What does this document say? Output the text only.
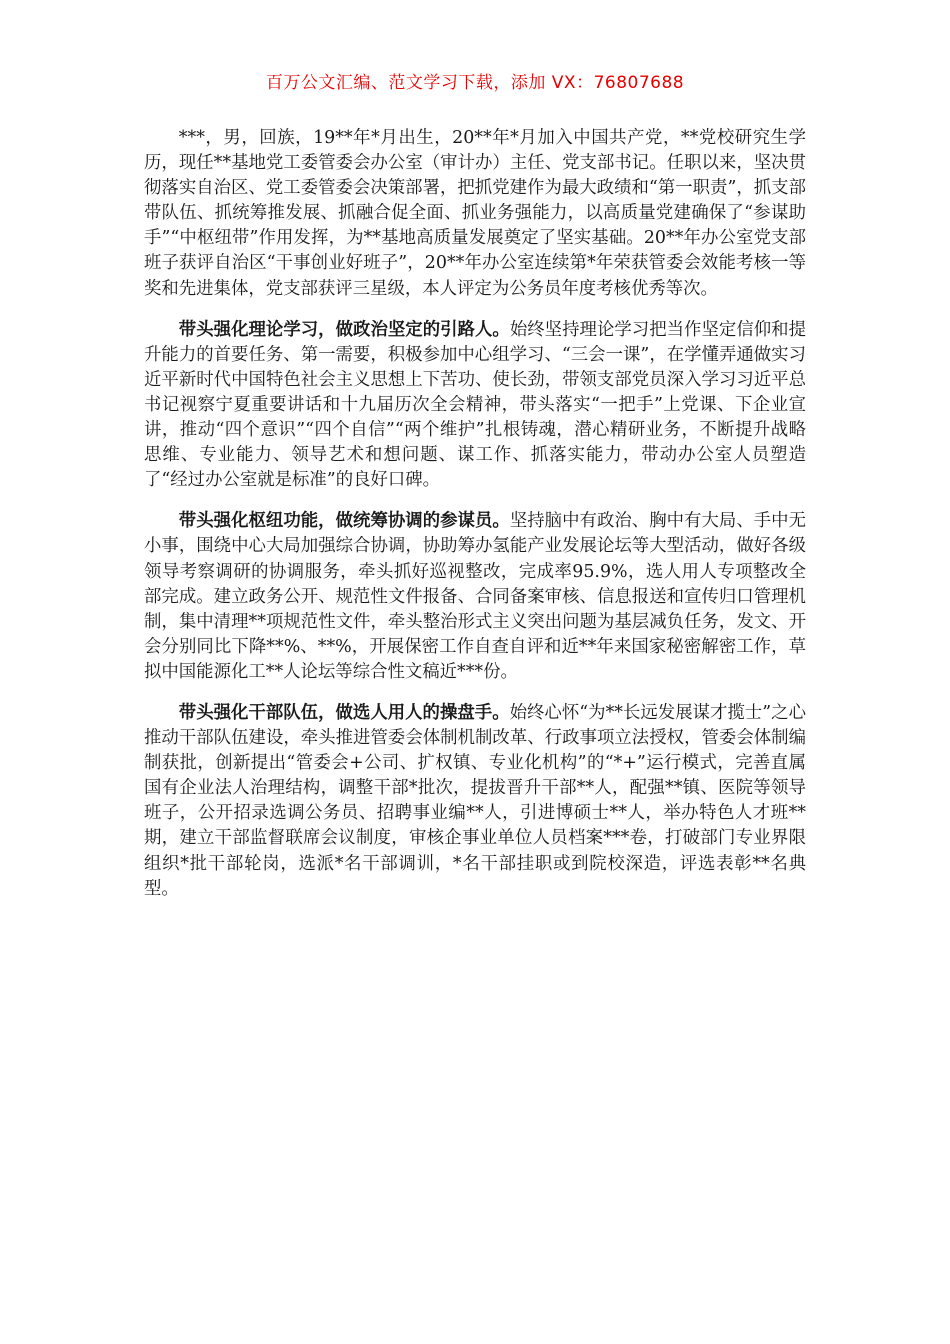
百万公文汇编、范文学习下载，添加 VX：76807688

***，男，回族，19**年*月出生，20**年*月加入中国共产党，**党校研究生学历，现任**基地党工委管委会办公室（审计办）主任、党支部书记。任职以来，坚决贯彻落实自治区、党工委管委会决策部署，把抓党建作为最大政绩和“第一职责”，抓支部带队伍、抓统筹推发展、抓融合促全面、抓业务强能力，以高质量党建确保了“参谋助手”“中枢纽带”作用发挥，为**基地高质量发展奠定了坚实基础。20**年办公室党支部班子获评自治区“干事创业好班子”，20**年办公室连续第*年荣获管委会效能考核一等奖和先进集体，党支部获评三星级，本人评定为公务员年度考核优秀等次。

带头强化理论学习，做政治坚定的引路人。始终坚持理论学习把当作坚定信仰和提升能力的首要任务、第一需要，积极参加中心组学习、“三会一课”，在学懂弄通做实习近平新时代中国特色社会主义思想上下苦功、使长劲，带领支部党员深入学习习近平总书记视察宁夏重要讲话和十九届历次全会精神，带头落实“一把手”上党课、下企业宣讲，推动“四个意识”“四个自信”“两个维护”扎根铸魂，潜心精研业务，不断提升战略思维、专业能力、领导艺术和想问题、谋工作、抓落实能力，带动办公室人员塑造了“经过办公室就是标准”的良好口碑。

带头强化枢纽功能，做统筹协调的参谋员。坚持脑中有政治、胸中有大局、手中无小事，围绕中心大局加强综合协调，协助筹办氢能产业发展论坛等大型活动，做好各级领导考察调研的协调服务，牵头抓好巡视整改，完成率95.9%，选人用人专项整改全部完成。建立政务公开、规范性文件报备、合同备案审核、信息报送和宣传归口管理机制，集中清理**项规范性文件，牵头整治形式主义突出问题为基层减负任务，发文、开会分别同比下降**%、**%，开展保密工作自查自评和近**年来国家秘密解密工作，草拟中国能源化工**人论坛等综合性文稿近***份。

带头强化干部队伍，做选人用人的操盘手。始终心怀“为**长远发展谋才揽士”之心推动干部队伍建设，牵头推进管委会体制机制改革、行政事项立法授权，管委会体制编制获批，创新提出“管委会+公司、扩权镇、专业化机构”的“*+”运行模式，完善直属国有企业法人治理结构，调整干部*批次，提拔晋升干部**人，配强**镇、医院等领导班子，公开招录选调公务员、招聘事业编**人，引进博硕士**人，举办特色人才班**期，建立干部监督联席会议制度，审核企事业单位人员档案***卷，打破部门专业界限组织*批干部轮岗，选派*名干部调训，*名干部挂职或到院校深造，评选表彰**名典型。
